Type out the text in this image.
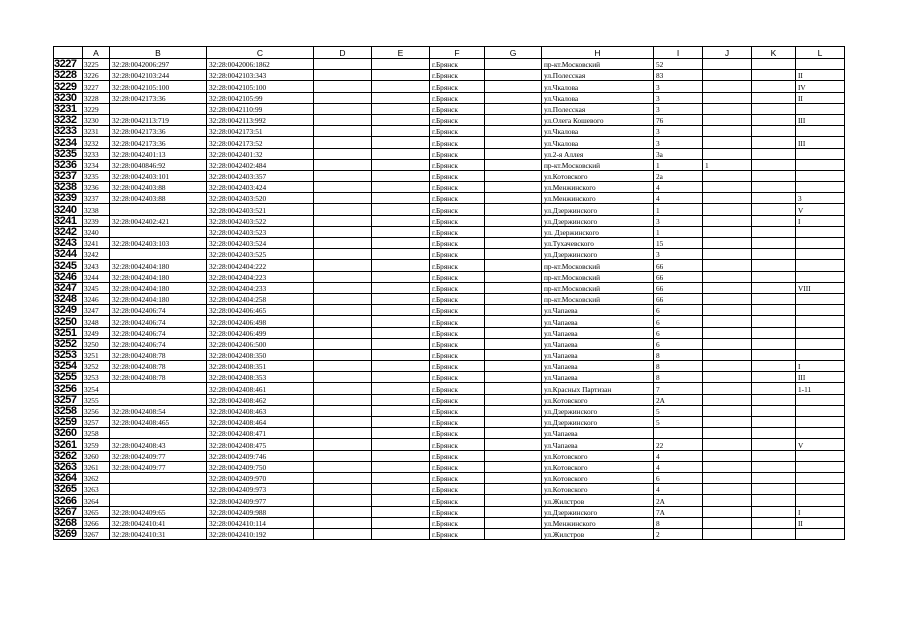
	A	B	C	D	E	F	G	H	I	J	K	L
3227	3225	32:28:0042006:297	32:28:0042006:1862			г.Брянск		пр-кт.Московский	52			
3228	3226	32:28:0042103:244	32:28:0042103:343			г.Брянск		ул.Полесская	83			II
3229	3227	32:28:0042105:100	32:28:0042105:100			г.Брянск		ул.Чкалова	3			IV
3230	3228	32:28:0042173:36	32:28:0042105:99			г.Брянск		ул.Чкалова	3			II
3231	3229		32:28:0042110:99			г.Брянск		ул.Полесская	3			
3232	3230	32:28:0042113:719	32:28:0042113:992			г.Брянск		ул.Олега Кошевого	76			III
3233	3231	32:28:0042173:36	32:28:0042173:51			г.Брянск		ул.Чкалова	3			
3234	3232	32:28:0042173:36	32:28:0042173:52			г.Брянск		ул.Чкалова	3			III
3235	3233	32:28:0042401:13	32:28:0042401:32			г.Брянск		ул.2-я Аллея	3а			
3236	3234	32:28:0040846:92	32:28:0042402:484			г.Брянск		пр-кт.Московский	1	1		
3237	3235	32:28:0042403:101	32:28:0042403:357			г.Брянск		ул.Котовского	2а			
3238	3236	32:28:0042403:88	32:28:0042403:424			г.Брянск		ул.Менжинского	4			
3239	3237	32:28:0042403:88	32:28:0042403:520			г.Брянск		ул.Менжинского	4			3
3240	3238		32:28:0042403:521			г.Брянск		ул.Дзержинского	1			V
3241	3239	32:28:0042402:421	32:28:0042403:522			г.Брянск		ул.Дзержинского	3			I
3242	3240		32:28:0042403:523			г.Брянск		ул. Дзержинского	1			
3243	3241	32:28:0042403:103	32:28:0042403:524			г.Брянск		ул.Тухачевского	15			
3244	3242		32:28:0042403:525			г.Брянск		ул.Дзержинского	3			
3245	3243	32:28:0042404:180	32:28:0042404:222			г.Брянск		пр-кт.Московский	66			
3246	3244	32:28:0042404:180	32:28:0042404:223			г.Брянск		пр-кт.Московский	66			
3247	3245	32:28:0042404:180	32:28:0042404:233			г.Брянск		пр-кт.Московский	66			VIII
3248	3246	32:28:0042404:180	32:28:0042404:258			г.Брянск		пр-кт.Московский	66			
3249	3247	32:28:0042406:74	32:28:0042406:465			г.Брянск		ул.Чапаева	6			
3250	3248	32:28:0042406:74	32:28:0042406:498			г.Брянск		ул.Чапаева	6			
3251	3249	32:28:0042406:74	32:28:0042406:499			г.Брянск		ул.Чапаева	6			
3252	3250	32:28:0042406:74	32:28:0042406:500			г.Брянск		ул.Чапаева	6			
3253	3251	32:28:0042408:78	32:28:0042408:350			г.Брянск		ул.Чапаева	8			
3254	3252	32:28:0042408:78	32:28:0042408:351			г.Брянск		ул.Чапаева	8			I
3255	3253	32:28:0042408:78	32:28:0042408:353			г.Брянск		ул.Чапаева	8			III
3256	3254		32:28:0042408:461			г.Брянск		ул.Красных Партизан	7			1-11
3257	3255		32:28:0042408:462			г.Брянск		ул.Котовского	2А			
3258	3256	32:28:0042408:54	32:28:0042408:463			г.Брянск		ул.Дзержинского	5			
3259	3257	32:28:0042408:465	32:28:0042408:464			г.Брянск		ул.Дзержинского	5			
3260	3258		32:28:0042408:471			г.Брянск		ул.Чапаева				
3261	3259	32:28:0042408:43	32:28:0042408:475			г.Брянск		ул.Чапаева	22			V
3262	3260	32:28:0042409:77	32:28:0042409:746			г.Брянск		ул.Котовского	4			
3263	3261	32:28:0042409:77	32:28:0042409:750			г.Брянск		ул.Котовского	4			
3264	3262		32:28:0042409:970			г.Брянск		ул.Котовского	6			
3265	3263		32:28:0042409:973			г.Брянск		ул.Котовского	4			
3266	3264		32:28:0042409:977			г.Брянск		ул.Жилстров	2А			
3267	3265	32:28:0042409:65	32:28:0042409:988			г.Брянск		ул.Дзержинского	7А			I
3268	3266	32:28:0042410:41	32:28:0042410:114			г.Брянск		ул.Менжинского	8			II
3269	3267	32:28:0042410:31	32:28:0042410:192			г.Брянск		ул.Жилстров	2			
